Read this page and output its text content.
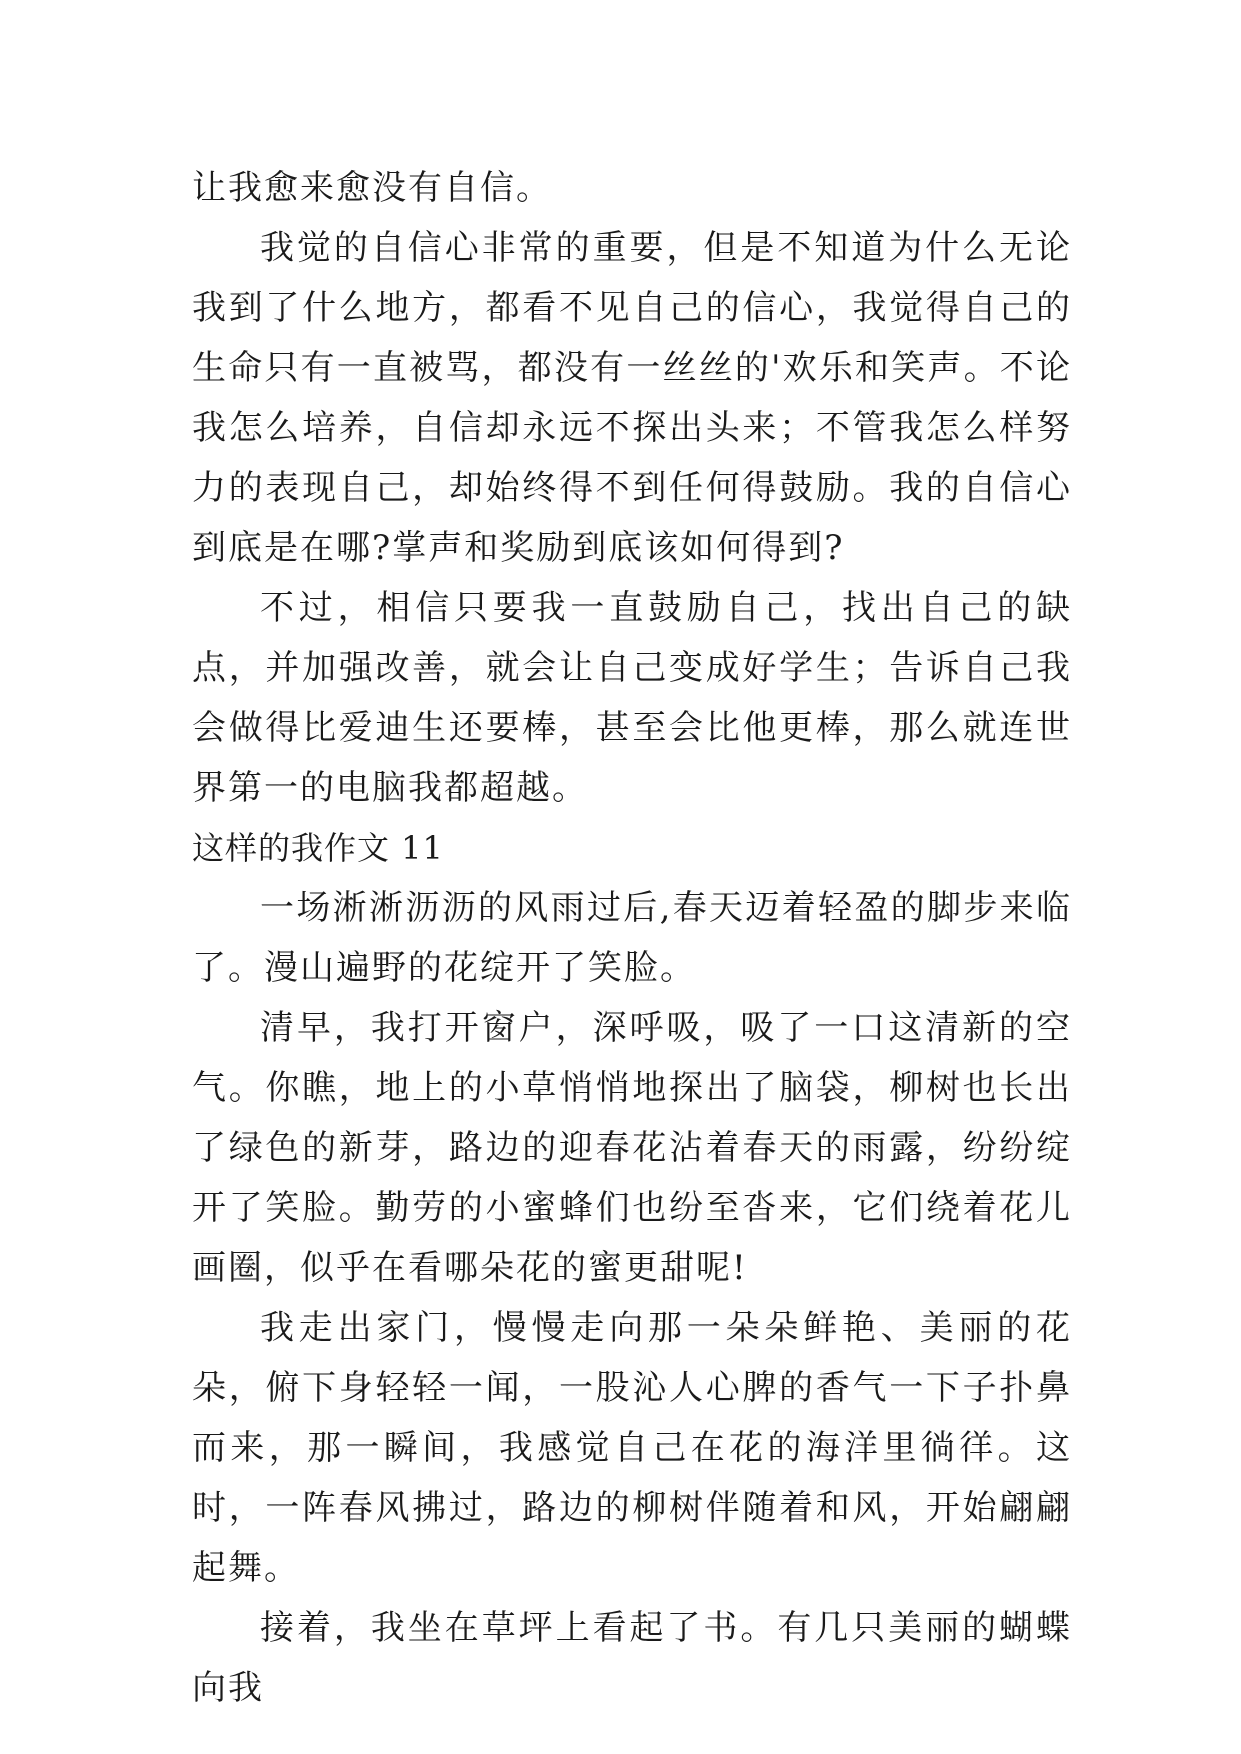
让我愈来愈没有自信。

我觉的自信心非常的重要，但是不知道为什么无论我到了什么地方，都看不见自己的信心，我觉得自己的生命只有一直被骂，都没有一丝丝的'欢乐和笑声。不论我怎么培养，自信却永远不探出头来；不管我怎么样努力的表现自己，却始终得不到任何得鼓励。我的自信心到底是在哪?掌声和奖励到底该如何得到?

不过，相信只要我一直鼓励自己，找出自己的缺点，并加强改善，就会让自己变成好学生；告诉自己我会做得比爱迪生还要棒，甚至会比他更棒，那么就连世界第一的电脑我都超越。

这样的我作文 11

一场淅淅沥沥的风雨过后,春天迈着轻盈的脚步来临了。漫山遍野的花绽开了笑脸。

清早，我打开窗户，深呼吸，吸了一口这清新的空气。你瞧，地上的小草悄悄地探出了脑袋，柳树也长出了绿色的新芽，路边的迎春花沾着春天的雨露，纷纷绽开了笑脸。勤劳的小蜜蜂们也纷至沓来，它们绕着花儿画圈，似乎在看哪朵花的蜜更甜呢!

我走出家门，慢慢走向那一朵朵鲜艳、美丽的花朵，俯下身轻轻一闻，一股沁人心脾的香气一下子扑鼻而来，那一瞬间，我感觉自己在花的海洋里徜徉。这时，一阵春风拂过，路边的柳树伴随着和风，开始翩翩起舞。

接着，我坐在草坪上看起了书。有几只美丽的蝴蝶向我
